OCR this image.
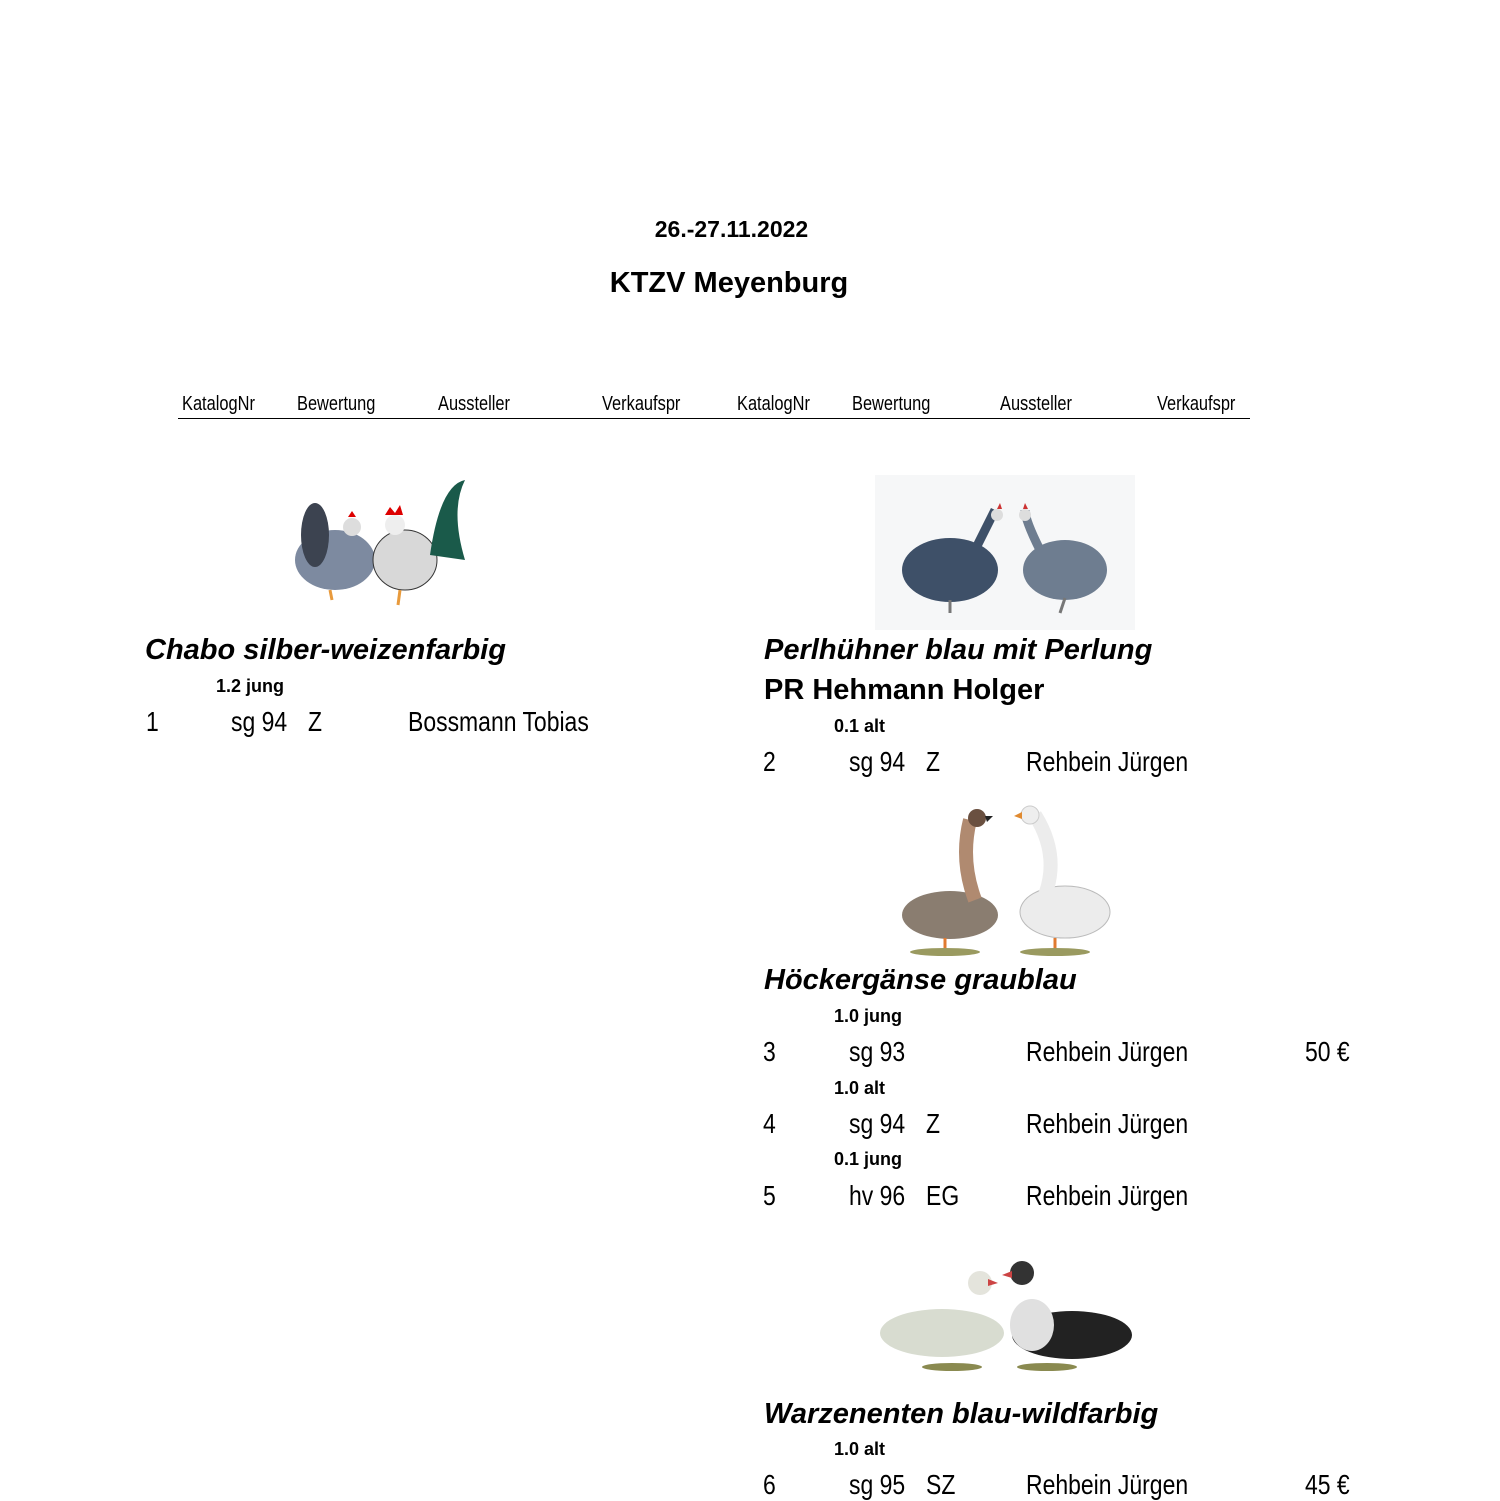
26.-27.11.2022
KTZV Meyenburg
KatalogNr Bewertung	Aussteller	Verkaufspr	KatalogNr Bewertung	Aussteller	Verkaufspr
Chabo silber-weizenfarbig
1.2 jung
1	sg 94 Z	Bossmann Tobias
Perlhühner blau mit Perlung
PR Hehmann Holger
0.1 alt
2	sg 94 Z	Rehbein Jürgen
Höckergänse graublau
1.0 jung
3	sg 93	Rehbein Jürgen	50 €
1.0 alt
4	sg 94 Z	Rehbein Jürgen
0.1 jung
5	hv 96 EG Rehbein Jürgen
Warzenenten blau-wildfarbig
1.0 alt
6	sg 95 SZ	Rehbein Jürgen	45 €
